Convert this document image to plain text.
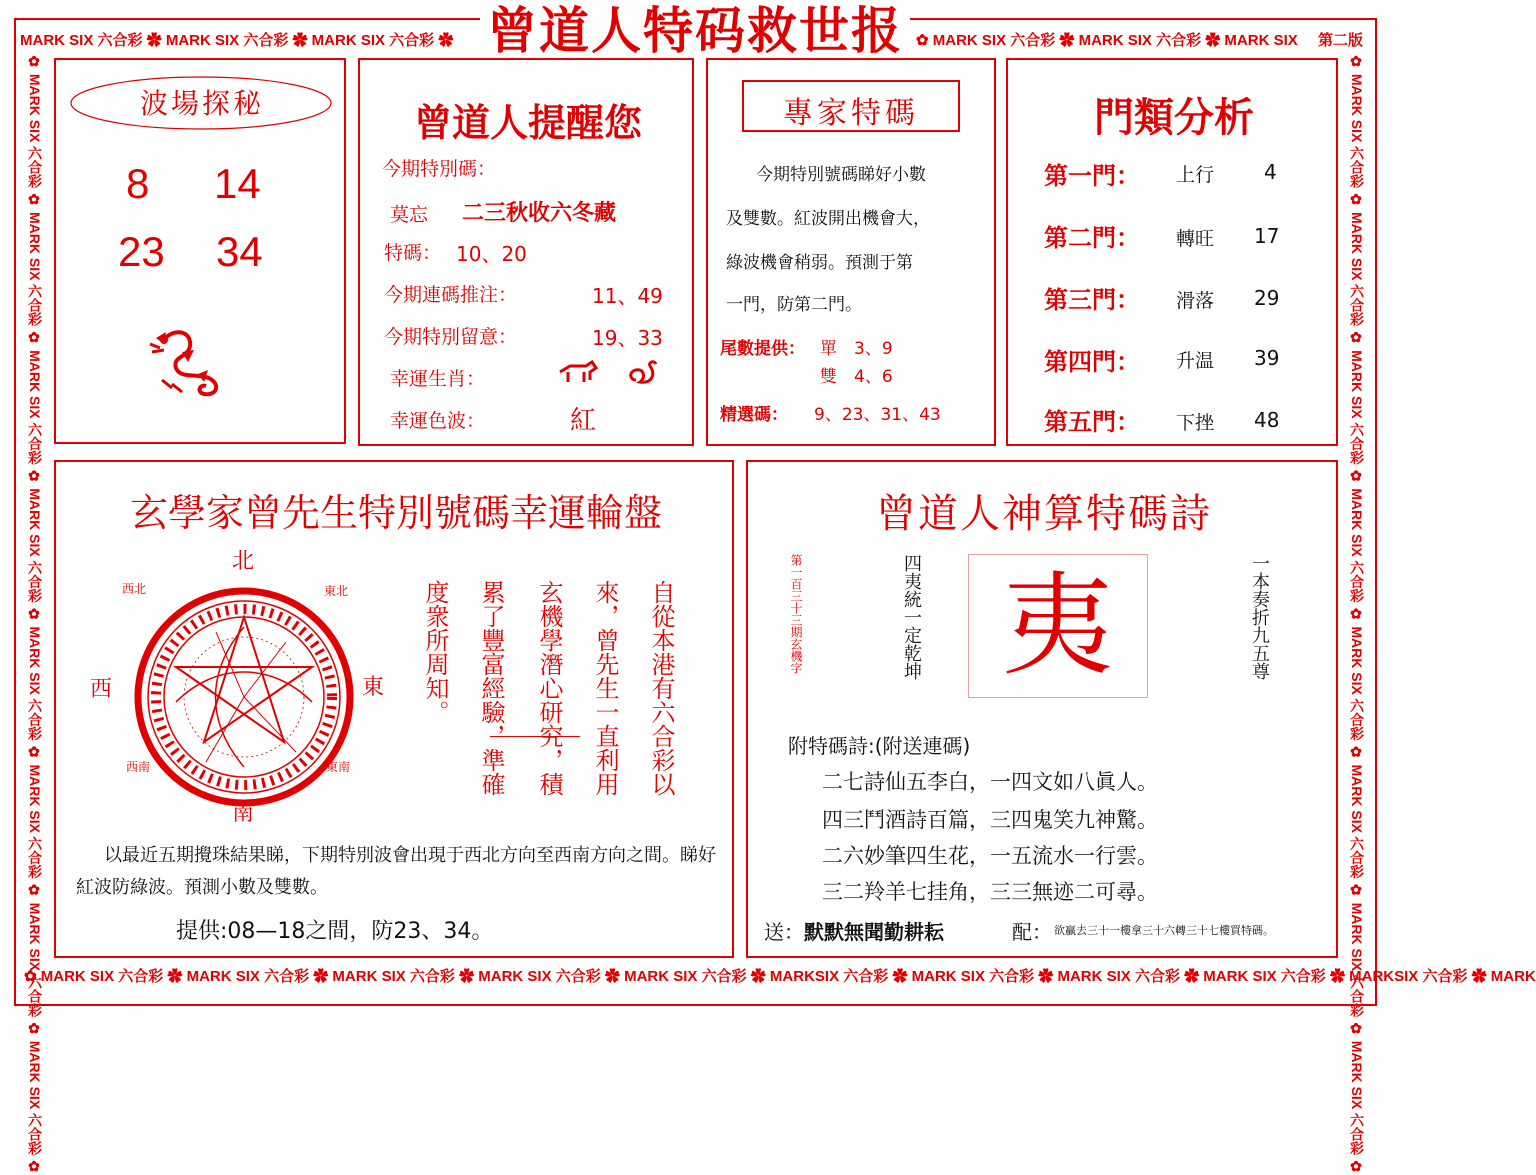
MARK SIX 六合彩 ✿ MARK SIX 六合彩 ✿ MARK SIX 六合彩 ✿	✿ MARK SIX 六合彩 ✿ MARK SIX 六合彩 ✿ MARK SIX	第二版
✿ MARK SIX 六合彩 ✿ MARK SIX 六合彩 ✿ MARK SIX 六合彩 ✿ MARK SIX 六合彩 ✿ MARK SIX 六合彩 ✿ MARKSIX 六合彩 ✿ MARK SIX 六合彩 ✿ MARK SIX 六合彩 ✿ MARK SIX 六合彩 ✿ MARKSIX 六合彩 ✿ MARK
✿ MARK SIX 六合彩 ✿ MARK SIX 六合彩 ✿ MARK SIX 六合彩 ✿ MARK SIX 六合彩 ✿ MARK SIX 六合彩 ✿ MARK SIX 六合彩 ✿ MARK SIX 六合彩 ✿ MARK SIX 六合彩 ✿	✿ MARK SIX 六合彩 ✿ MARK SIX 六合彩 ✿ MARK SIX 六合彩 ✿ MARK SIX 六合彩 ✿ MARK SIX 六合彩 ✿ MARK SIX 六合彩 ✿ MARK SIX 六合彩 ✿ MARK SIX 六合彩 ✿
曾道人特码救世报
波場探秘
8 14
23 34
曾道人提醒您
今期特別碼：
莫忘 二三秋收六冬藏
特碼： 10、20
今期連碼推注：	11、49
今期特別留意：	19、33
幸運生肖：
幸運色波：	紅
專家特碼
今期特別號碼睇好小數
及雙數。紅波開出機會大，
綠波機會稍弱。預測于第
一門，防第二門。
尾數提供： 單　3、9
雙　4、6
精選碼： 9、23、31、43
門類分析
第一門： 上行 4
第二門： 轉旺 17
第三門： 滑落 29
第四門： 升温 39
第五門： 下挫 48
玄學家曾先生特別號碼幸運輪盤
北
南
西	東
西北	東北
西南	東南	自從本港有六合彩以
來，曾先生一直利用
玄機學潛心研究，積
累了豐富經驗，準確
度衆所周知。
以最近五期攪珠結果睇，下期特別波會出現于西北方向至西南方向之間。睇好紅波防綠波。預測小數及雙數。
提供:08—18之間，防23、34。
曾道人神算特碼詩
一本奏折九五尊
四夷統一定乾坤
第一百三十三期玄機字	夷
附特碼詩:(附送連碼)
二七詩仙五李白，一四文如八眞人。
四三鬥酒詩百篇，三四鬼笑九神驚。
二六妙筆四生花，一五流水一行雲。
三二羚羊七挂角，三三無迹二可尋。
送： 默默無聞勤耕耘	配： 欲贏去三十一樓拿三十六轉三十七樓買特碼。
